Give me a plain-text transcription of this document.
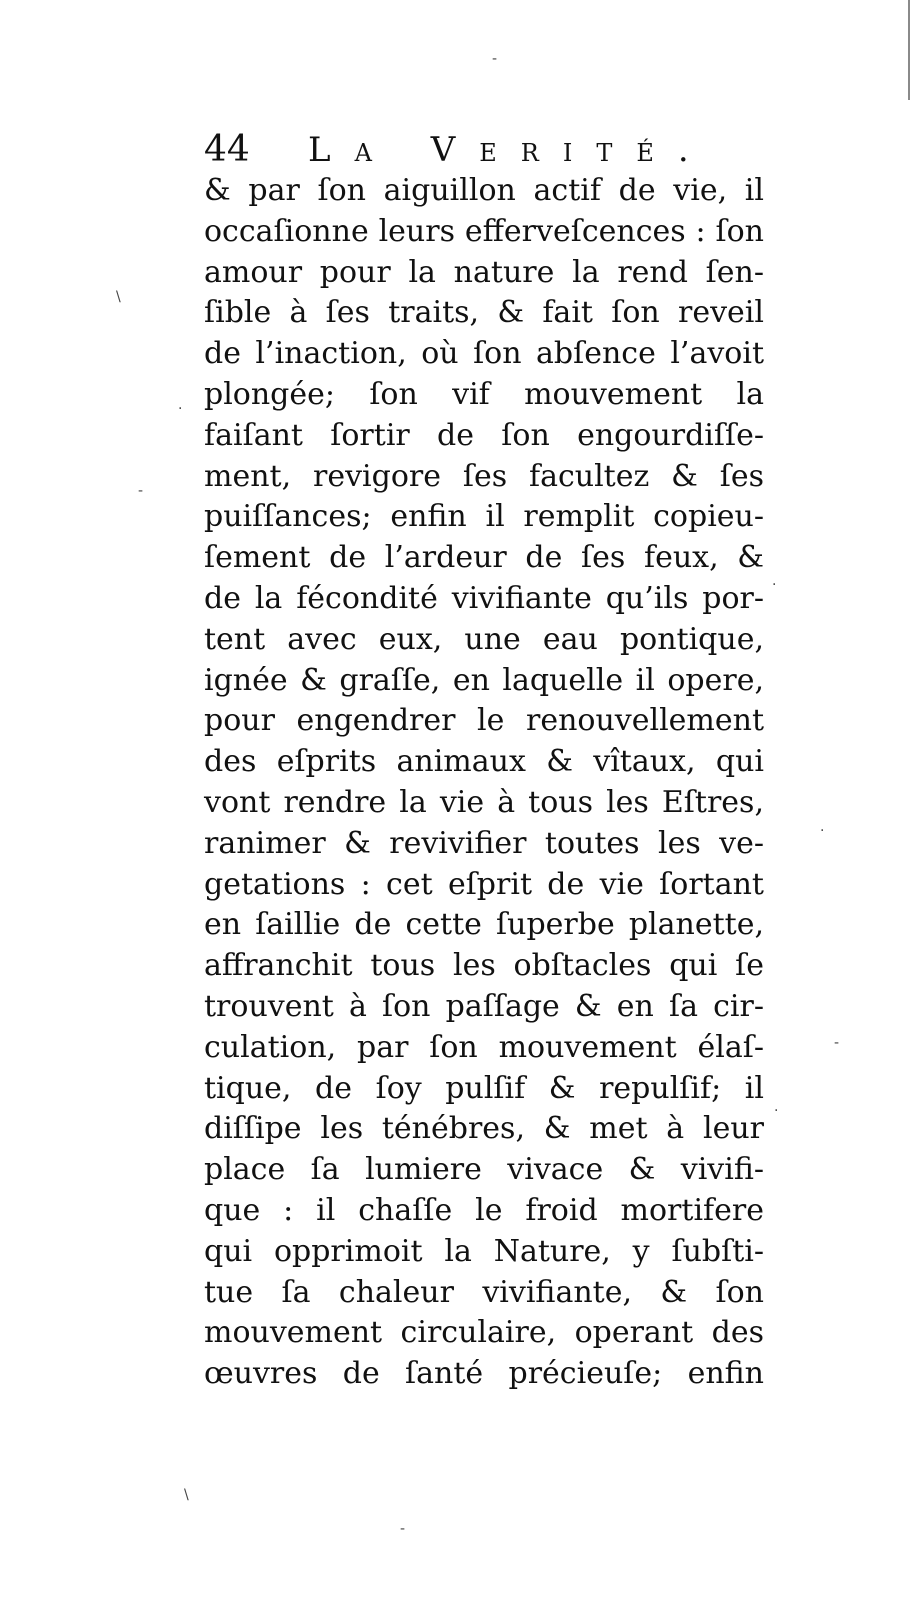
44 La Verité.
& par ſon aiguillon actif de vie, il
occaſionne leurs efferveſcences : ſon
amour pour la nature la rend ſen-
ſible à ſes traits, & fait ſon reveil
de l’inaction, où ſon abſence l’avoit
plongée; ſon vif mouvement la
faiſant ſortir de ſon engourdiſſe-
ment, revigore ſes facultez & ſes
puiſſances; enfin il remplit copieu-
ſement de l’ardeur de ſes feux, &
de la fécondité vivifiante qu’ils por-
tent avec eux, une eau pontique,
ignée & graſſe, en laquelle il opere,
pour engendrer le renouvellement
des eſprits animaux & vîtaux, qui
vont rendre la vie à tous les Eſtres,
ranimer & revivifier toutes les ve-
getations : cet eſprit de vie ſortant
en ſaillie de cette ſuperbe planette,
affranchit tous les obſtacles qui ſe
trouvent à ſon paſſage & en ſa cir-
culation, par ſon mouvement élaſ-
tique, de ſoy pulſif & repulſif; il
diſſipe les ténébres, & met à leur
place ſa lumiere vivace & vivifi-
que : il chaſſe le froid mortifere
qui opprimoit la Nature, y ſubſti-
tue ſa chaleur vivifiante, & ſon
mouvement circulaire, operant des
œuvres de ſanté précieuſe; enfin
-
\
-
.
.
.
-
.
\
-
